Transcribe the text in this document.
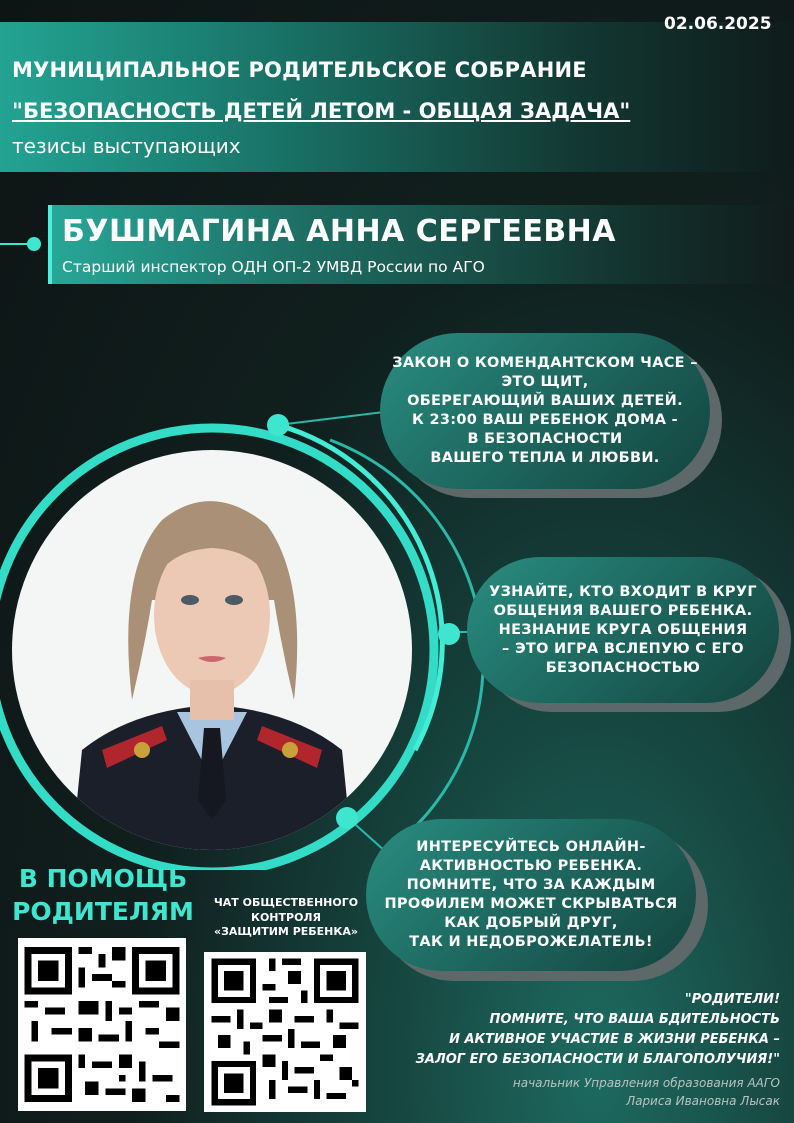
02.06.2025
МУНИЦИПАЛЬНОЕ РОДИТЕЛЬСКОЕ СОБРАНИЕ
"БЕЗОПАСНОСТЬ ДЕТЕЙ ЛЕТОМ - ОБЩАЯ ЗАДАЧА"
тезисы выступающих
БУШМАГИНА АННА СЕРГЕЕВНА
Старший инспектор ОДН ОП-2 УМВД России по АГО
ЗАКОН О КОМЕНДАНТСКОМ ЧАСЕ –
ЭТО ЩИТ,
ОБЕРЕГАЮЩИЙ ВАШИХ ДЕТЕЙ.
К 23:00 ВАШ РЕБЕНОК ДОМА -
В БЕЗОПАСНОСТИ
ВАШЕГО ТЕПЛА И ЛЮБВИ.
УЗНАЙТЕ, КТО ВХОДИТ В КРУГ
ОБЩЕНИЯ ВАШЕГО РЕБЕНКА.
НЕЗНАНИЕ КРУГА ОБЩЕНИЯ
– ЭТО ИГРА ВСЛЕПУЮ С ЕГО
БЕЗОПАСНОСТЬЮ
ИНТЕРЕСУЙТЕСЬ ОНЛАЙН-
АКТИВНОСТЬЮ РЕБЕНКА.
ПОМНИТЕ, ЧТО ЗА КАЖДЫМ
ПРОФИЛЕМ МОЖЕТ СКРЫВАТЬСЯ
КАК ДОБРЫЙ ДРУГ,
ТАК И НЕДОБРОЖЕЛАТЕЛЬ!
В ПОМОЩЬ
РОДИТЕЛЯМ	ЧАТ ОБЩЕСТВЕННОГО
КОНТРОЛЯ
«ЗАЩИТИМ РЕБЕНКА»
"РОДИТЕЛИ!
ПОМНИТЕ, ЧТО ВАША БДИТЕЛЬНОСТЬ
И АКТИВНОЕ УЧАСТИЕ В ЖИЗНИ РЕБЕНКА –
ЗАЛОГ ЕГО БЕЗОПАСНОСТИ И БЛАГОПОЛУЧИЯ!"
начальник Управления образования ААГО
Лариса Ивановна Лысак
